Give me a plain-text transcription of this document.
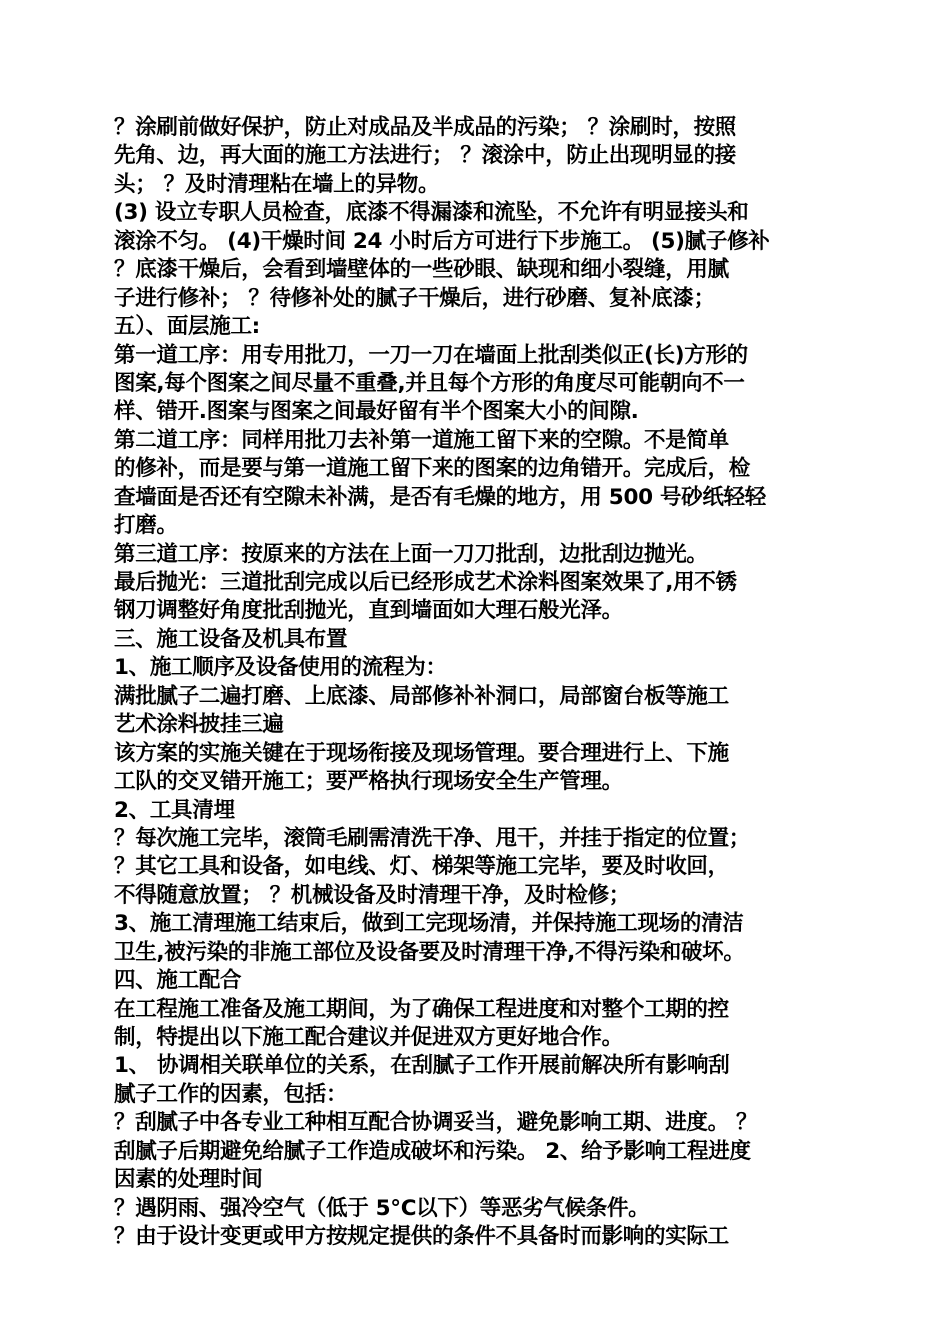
？涂刷前做好保护，防止对成品及半成品的污染； ？涂刷时，按照
先角、边，再大面的施工方法进行； ？滚涂中，防止出现明显的接
头； ？及时清理粘在墙上的异物。
(3) 设立专职人员检查，底漆不得漏漆和流坠，不允许有明显接头和
滚涂不匀。 (4)干燥时间 24 小时后方可进行下步施工。 (5)腻子修补
？底漆干燥后，会看到墙壁体的一些砂眼、缺现和细小裂缝，用腻
子进行修补； ？待修补处的腻子干燥后，进行砂磨、复补底漆；
五）、面层施工:
第一道工序：用专用批刀，一刀一刀在墙面上批刮类似正(长)方形的
图案,每个图案之间尽量不重叠,并且每个方形的角度尽可能朝向不一
样、错开.图案与图案之间最好留有半个图案大小的间隙.
第二道工序：同样用批刀去补第一道施工留下来的空隙。不是简单
的修补，而是要与第一道施工留下来的图案的边角错开。完成后，检
查墙面是否还有空隙未补满，是否有毛燥的地方，用 500 号砂纸轻轻
打磨。
第三道工序：按原来的方法在上面一刀刀批刮，边批刮边抛光。
最后抛光：三道批刮完成以后已经形成艺术涂料图案效果了,用不锈
钢刀调整好角度批刮抛光，直到墙面如大理石般光泽。
三、施工设备及机具布置
1、施工顺序及设备使用的流程为：
满批腻子二遍打磨、上底漆、局部修补补洞口，局部窗台板等施工
艺术涂料披挂三遍
该方案的实施关键在于现场衔接及现场管理。要合理进行上、下施
工队的交叉错开施工；要严格执行现场安全生产管理。
2、工具清埋
？每次施工完毕，滚筒毛刷需清洗干净、甩干，并挂于指定的位置；
？其它工具和设备，如电线、灯、梯架等施工完毕，要及时收回，
不得随意放置； ？机械设备及时清理干净，及时检修；
3、施工清理施工结束后，做到工完现场清，并保持施工现场的清洁
卫生,被污染的非施工部位及设备要及时清理干净,不得污染和破坏。
四、施工配合
在工程施工准备及施工期间，为了确保工程进度和对整个工期的控
制，特提出以下施工配合建议并促进双方更好地合作。
1、 协调相关联单位的关系，在刮腻子工作开展前解决所有影响刮
腻子工作的因素，包括：
？刮腻子中各专业工种相互配合协调妥当，避免影响工期、进度。 ？
刮腻子后期避免给腻子工作造成破坏和污染。 2、给予影响工程进度
因素的处理时间
？遇阴雨、强冷空气（低于 5°C以下）等恶劣气候条件。
？由于设计变更或甲方按规定提供的条件不具备时而影响的实际工
